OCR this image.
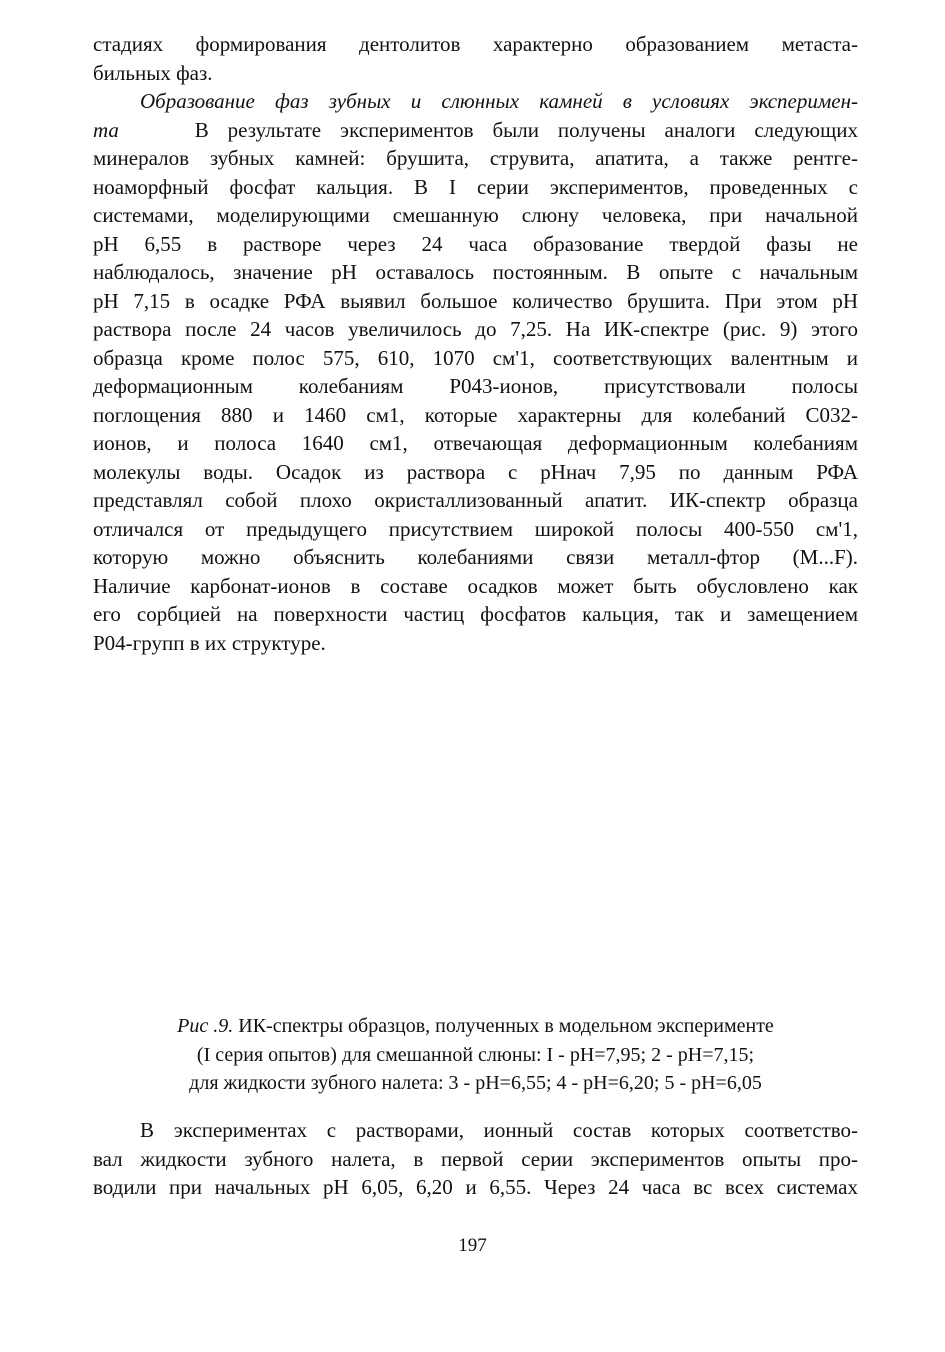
стадиях формирования дентолитов характерно образованием метаста-
бильных фаз.
Образование фаз зубных и слюнных камней в условиях эксперимен-
та	В результате экспериментов были получены аналоги следующих
минералов зубных камней: брушита, струвита, апатита, а также рентге-
ноаморфный фосфат кальция. В I серии экспериментов, проведенных с
системами, моделирующими смешанную слюну человека, при начальной
рН 6,55 в растворе через 24 часа образование твердой фазы не
наблюдалось, значение рН оставалось постоянным. В опыте с начальным
рН 7,15 в осадке РФА выявил большое количество брушита. При этом рН
раствора после 24 часов увеличилось до 7,25. На ИК-спектре (рис. 9) этого
образца кроме полос 575, 610, 1070 см'1, соответствующих валентным и
деформационным колебаниям Р043-ионов, присутствовали полосы
поглощения 880 и 1460 см1, которые характерны для колебаний С032-
ионов, и полоса 1640 см1, отвечающая деформационным колебаниям
молекулы воды. Осадок из раствора с рНнач 7,95 по данным РФА
представлял собой плохо окристаллизованный апатит. ИК-спектр образца
отличался от предыдущего присутствием широкой полосы 400-550 см'1,
которую можно объяснить колебаниями связи металл-фтор (М...F).
Наличие карбонат-ионов в составе осадков может быть обусловлено как
его сорбцией на поверхности частиц фосфатов кальция, так и замещением
Р04-групп в их структуре.
Рис .9. ИК-спектры образцов, полученных в модельном эксперименте
(I серия опытов) для смешанной слюны: I - рН=7,95; 2 - рН=7,15;
для жидкости зубного налета: 3 - рН=6,55; 4 - рН=6,20; 5 - рН=6,05
В экспериментах с растворами, ионный состав которых соответство-
вал жидкости зубного налета, в первой серии экспериментов опыты про-
водили при начальных рН 6,05, 6,20 и 6,55. Через 24 часа вс всех системах
197
